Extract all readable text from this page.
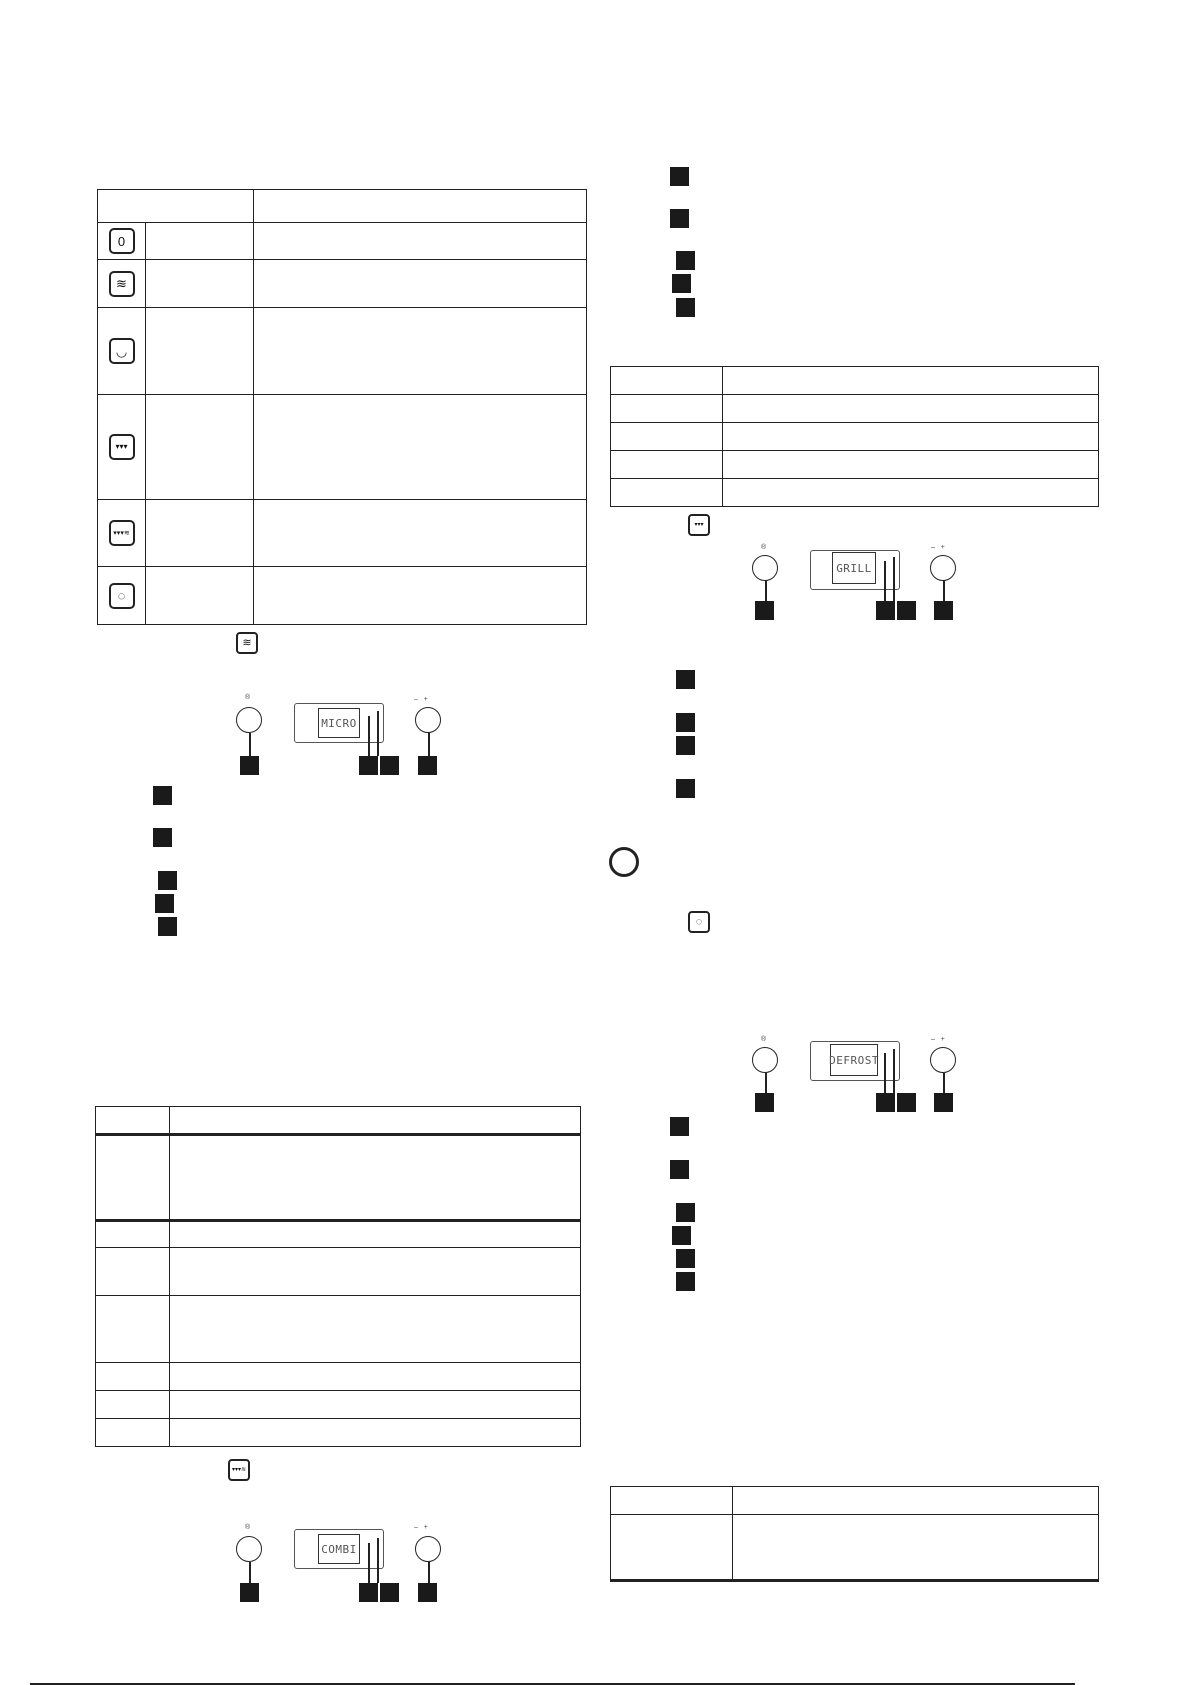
0		

≋		

◡		

▾▾▾		

▾▾▾≋		

◌		

≋
®
MICRO
–   +

▾▾▾≋
®
COMBI
–   +

▾▾▾
®
GRILL
–   +
◌
®
DEFROST
–   +
